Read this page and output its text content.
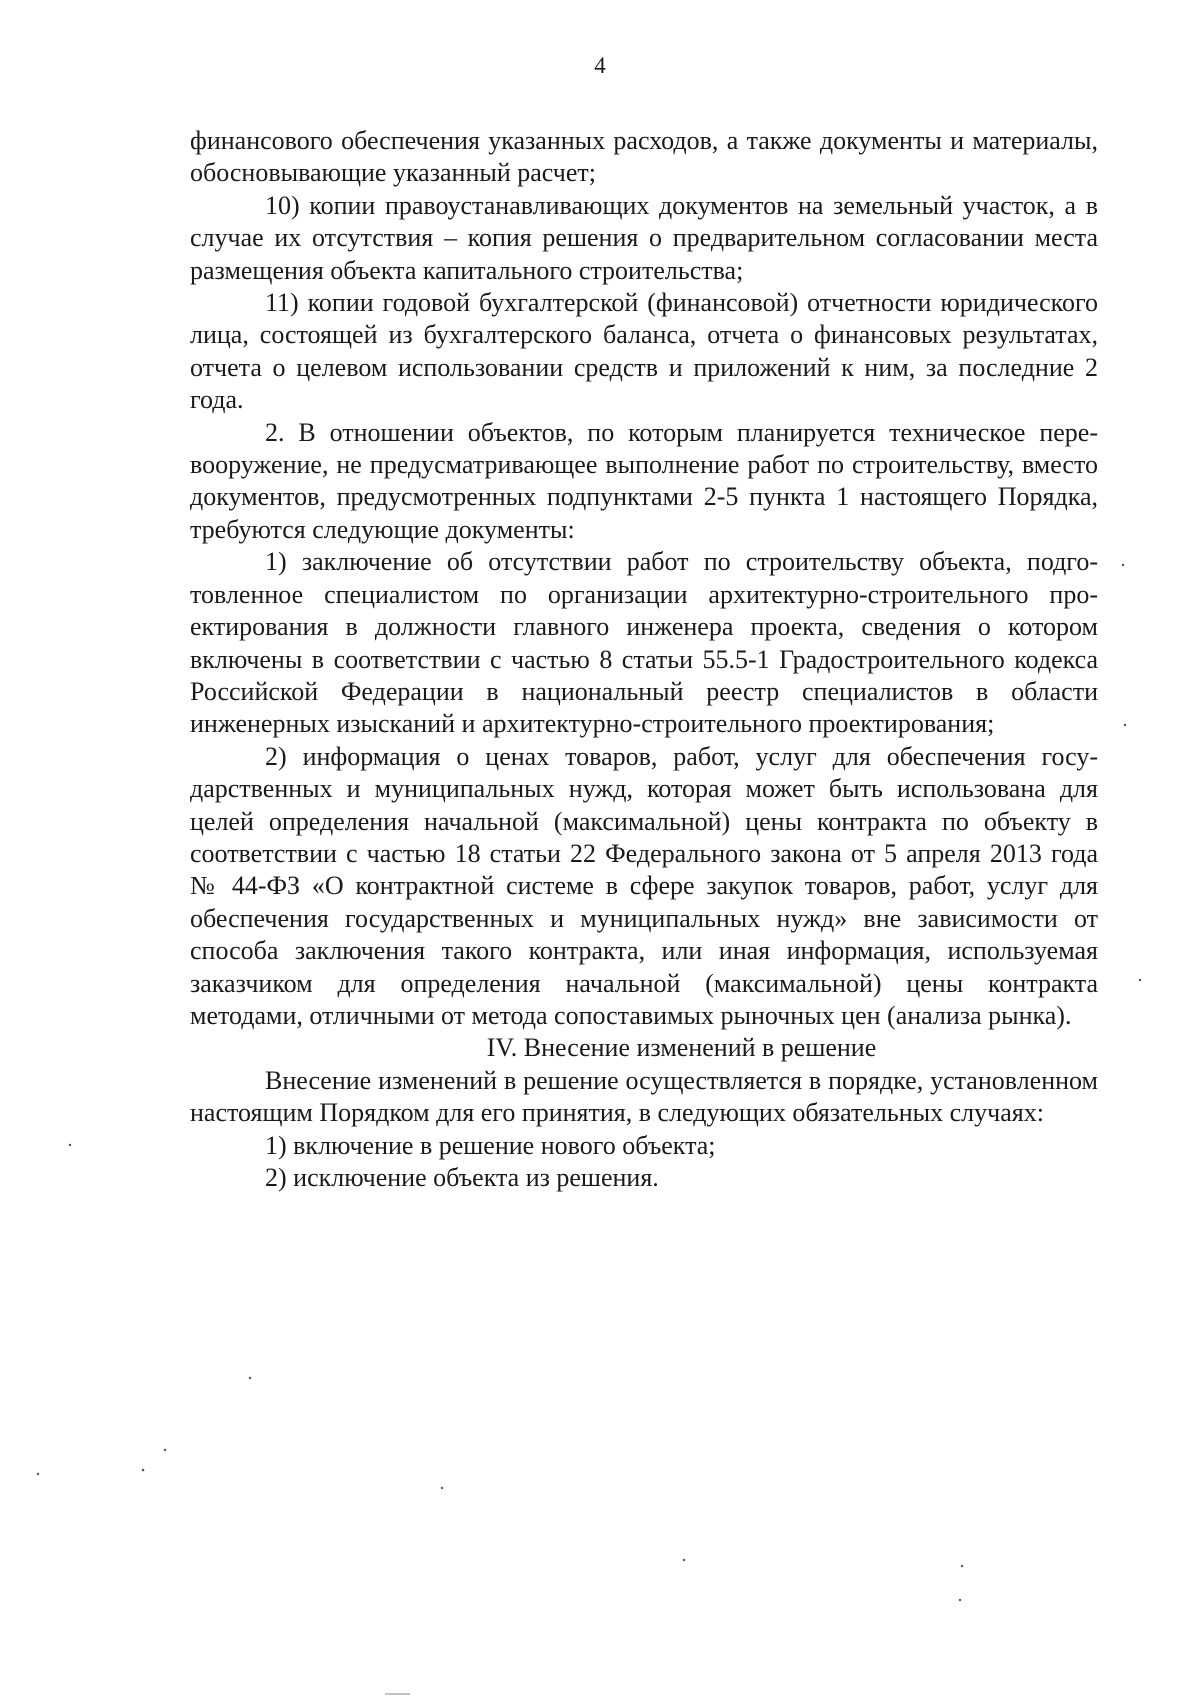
4

финансового обеспечения указанных расходов, а также документы и материалы, обосновывающие указанный расчет;

10) копии правоустанавливающих документов на земельный участок, а в случае их отсутствия – копия решения о предварительном согласовании места размещения объекта капитального строительства;

11) копии годовой бухгалтерской (финансовой) отчетности юридического лица, состоящей из бухгалтерского баланса, отчета о финансовых результатах, отчета о целевом использовании средств и приложений к ним, за последние 2 года.

2. В отношении объектов, по которым планируется техническое перевооружение, не предусматривающее выполнение работ по строительству, вместо документов, предусмотренных подпунктами 2-5 пункта 1 настоящего Порядка, требуются следующие документы:

1) заключение об отсутствии работ по строительству объекта, подготовленное специалистом по организации архитектурно-строительного проектирования в должности главного инженера проекта, сведения о котором включены в соответствии с частью 8 статьи 55.5-1 Градостроительного кодекса Российской Федерации в национальный реестр специалистов в области инженерных изысканий и архитектурно-строительного проектирования;

2) информация о ценах товаров, работ, услуг для обеспечения государственных и муниципальных нужд, которая может быть использована для целей определения начальной (максимальной) цены контракта по объекту в соответствии с частью 18 статьи 22 Федерального закона от 5 апреля 2013 года № 44-ФЗ «О контрактной системе в сфере закупок товаров, работ, услуг для обеспечения государственных и муниципальных нужд» вне зависимости от способа заключения такого контракта, или иная информация, используемая заказчиком для определения начальной (максимальной) цены контракта методами, отличными от метода сопоставимых рыночных цен (анализа рынка).

IV. Внесение изменений в решение

Внесение изменений в решение осуществляется в порядке, установленном настоящим Порядком для его принятия, в следующих обязательных случаях:

1) включение в решение нового объекта;

2) исключение объекта из решения.
